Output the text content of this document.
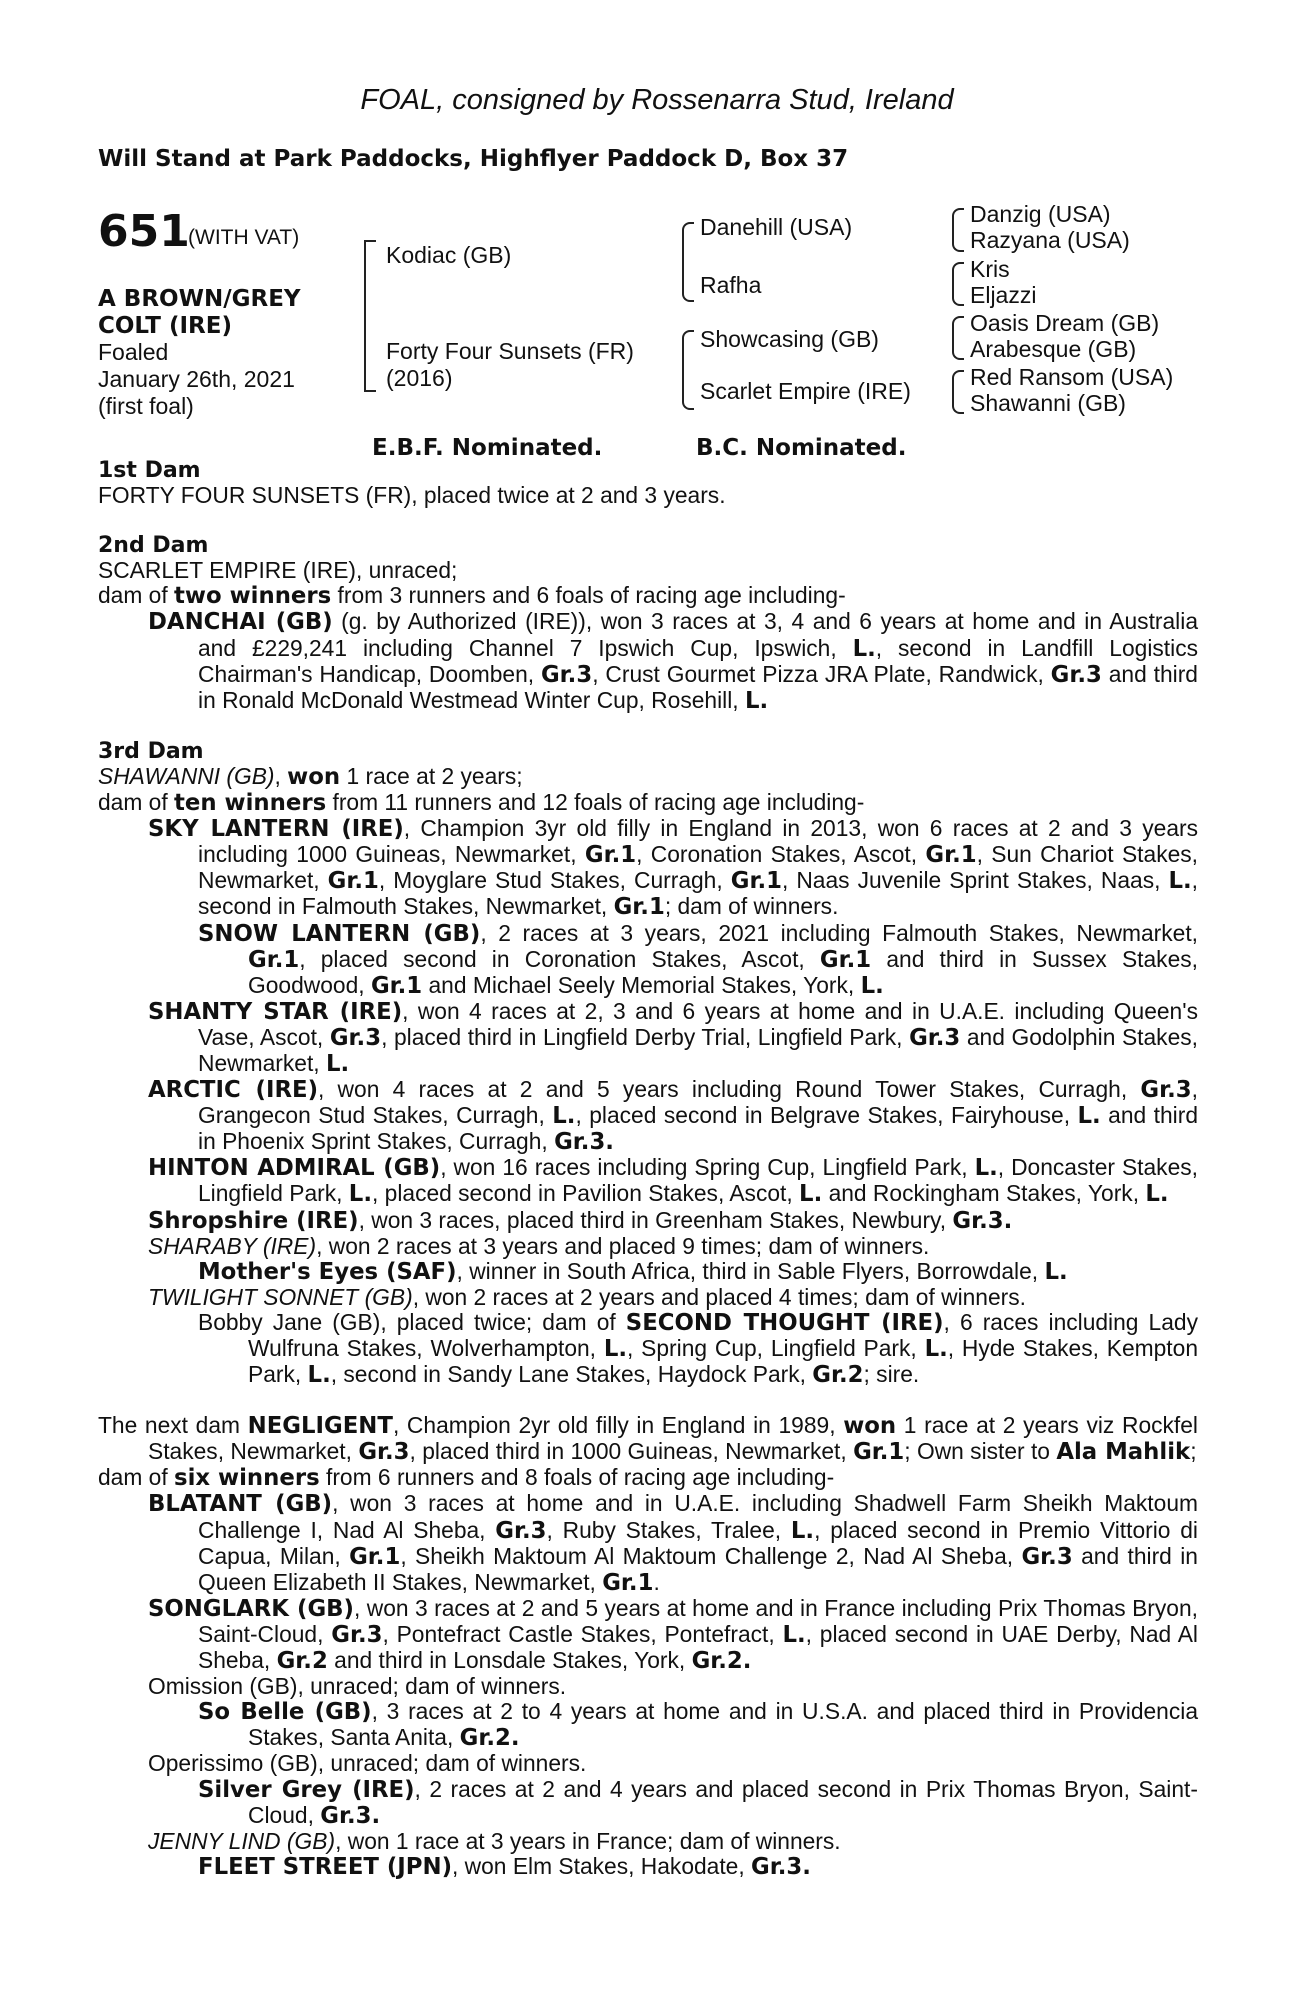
FOAL, consigned by Rossenarra Stud, Ireland
Will Stand at Park Paddocks, Highflyer Paddock D, Box 37
651
(WITH VAT)
A BROWN/GREY
COLT (IRE)
Foaled
January 26th, 2021
(first foal)
Kodiac (GB)
Forty Four Sunsets (FR)
(2016)
Danehill (USA)
Rafha
Showcasing (GB)
Scarlet Empire (IRE)
Danzig (USA)
Razyana (USA)
Kris
Eljazzi
Oasis Dream (GB)
Arabesque (GB)
Red Ransom (USA)
Shawanni (GB)
E.B.F. Nominated.	B.C. Nominated.

1st Dam

FORTY FOUR SUNSETS (FR), placed twice at 2 and 3 years.

2nd Dam

SCARLET EMPIRE (IRE), unraced;

dam of two winners from 3 runners and 6 foals of racing age including-

DANCHAI (GB) (g. by Authorized (IRE)), won 3 races at 3, 4 and 6 years at home and in Australia and £229,241 including Channel 7 Ipswich Cup, Ipswich, L., second in Landfill Logistics Chairman's Handicap, Doomben, Gr.3, Crust Gourmet Pizza JRA Plate, Randwick, Gr.3 and third in Ronald McDonald Westmead Winter Cup, Rosehill, L.

3rd Dam

SHAWANNI (GB), won 1 race at 2 years;

dam of ten winners from 11 runners and 12 foals of racing age including-

SKY LANTERN (IRE), Champion 3yr old filly in England in 2013, won 6 races at 2 and 3 years including 1000 Guineas, Newmarket, Gr.1, Coronation Stakes, Ascot, Gr.1, Sun Chariot Stakes, Newmarket, Gr.1, Moyglare Stud Stakes, Curragh, Gr.1, Naas Juvenile Sprint Stakes, Naas, L., second in Falmouth Stakes, Newmarket, Gr.1; dam of winners.

SNOW LANTERN (GB), 2 races at 3 years, 2021 including Falmouth Stakes, Newmarket, Gr.1, placed second in Coronation Stakes, Ascot, Gr.1 and third in Sussex Stakes, Goodwood, Gr.1 and Michael Seely Memorial Stakes, York, L.

SHANTY STAR (IRE), won 4 races at 2, 3 and 6 years at home and in U.A.E. including Queen's Vase, Ascot, Gr.3, placed third in Lingfield Derby Trial, Lingfield Park, Gr.3 and Godolphin Stakes, Newmarket, L.

ARCTIC (IRE), won 4 races at 2 and 5 years including Round Tower Stakes, Curragh, Gr.3, Grangecon Stud Stakes, Curragh, L., placed second in Belgrave Stakes, Fairyhouse, L. and third in Phoenix Sprint Stakes, Curragh, Gr.3.

HINTON ADMIRAL (GB), won 16 races including Spring Cup, Lingfield Park, L., Doncaster Stakes, Lingfield Park, L., placed second in Pavilion Stakes, Ascot, L. and Rockingham Stakes, York, L.

Shropshire (IRE), won 3 races, placed third in Greenham Stakes, Newbury, Gr.3.

SHARABY (IRE), won 2 races at 3 years and placed 9 times; dam of winners.

Mother's Eyes (SAF), winner in South Africa, third in Sable Flyers, Borrowdale, L.

TWILIGHT SONNET (GB), won 2 races at 2 years and placed 4 times; dam of winners.

Bobby Jane (GB), placed twice; dam of SECOND THOUGHT (IRE), 6 races including Lady Wulfruna Stakes, Wolverhampton, L., Spring Cup, Lingfield Park, L., Hyde Stakes, Kempton Park, L., second in Sandy Lane Stakes, Haydock Park, Gr.2; sire.

The next dam NEGLIGENT, Champion 2yr old filly in England in 1989, won 1 race at 2 years viz Rockfel Stakes, Newmarket, Gr.3, placed third in 1000 Guineas, Newmarket, Gr.1; Own sister to Ala Mahlik;

dam of six winners from 6 runners and 8 foals of racing age including-

BLATANT (GB), won 3 races at home and in U.A.E. including Shadwell Farm Sheikh Maktoum Challenge I, Nad Al Sheba, Gr.3, Ruby Stakes, Tralee, L., placed second in Premio Vittorio di Capua, Milan, Gr.1, Sheikh Maktoum Al Maktoum Challenge 2, Nad Al Sheba, Gr.3 and third in Queen Elizabeth II Stakes, Newmarket, Gr.1.

SONGLARK (GB), won 3 races at 2 and 5 years at home and in France including Prix Thomas Bryon, Saint-Cloud, Gr.3, Pontefract Castle Stakes, Pontefract, L., placed second in UAE Derby, Nad Al Sheba, Gr.2 and third in Lonsdale Stakes, York, Gr.2.

Omission (GB), unraced; dam of winners.

So Belle (GB), 3 races at 2 to 4 years at home and in U.S.A. and placed third in Providencia Stakes, Santa Anita, Gr.2.

Operissimo (GB), unraced; dam of winners.

Silver Grey (IRE), 2 races at 2 and 4 years and placed second in Prix Thomas Bryon, Saint-Cloud, Gr.3.

JENNY LIND (GB), won 1 race at 3 years in France; dam of winners.

FLEET STREET (JPN), won Elm Stakes, Hakodate, Gr.3.
